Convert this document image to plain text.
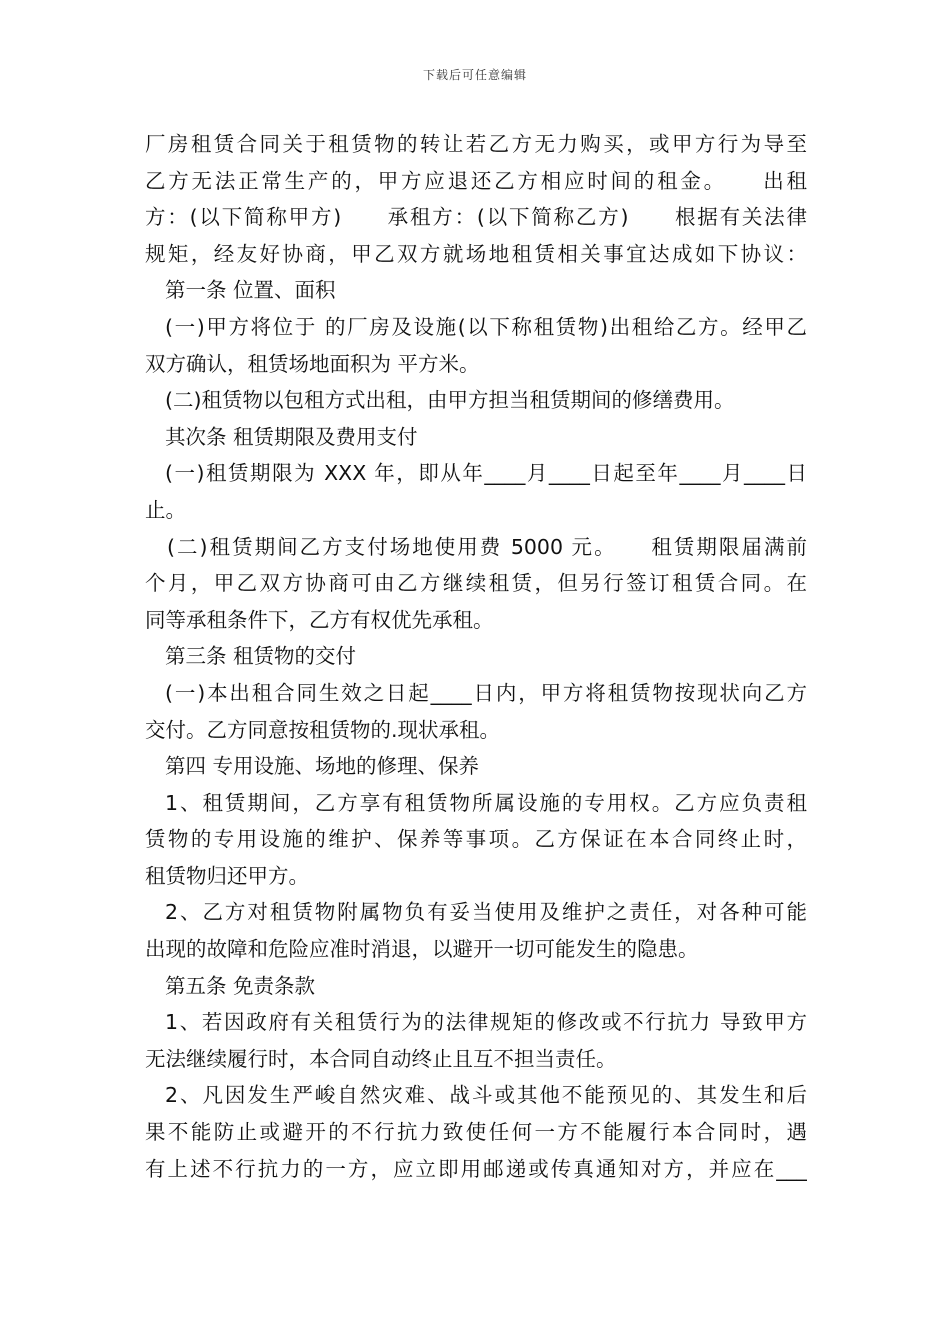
下载后可任意编辑
厂房租赁合同关于租赁物的转让若乙方无力购买，或甲方行为导至
乙方无法正常生产的，甲方应退还乙方相应时间的租金。　　出租
方：(以下简称甲方)　　承租方：(以下简称乙方)　　根据有关法律
规矩，经友好协商，甲乙双方就场地租赁相关事宜达成如下协议：
第一条 位置、面积
(一)甲方将位于 的厂房及设施(以下称租赁物)出租给乙方。经甲乙
双方确认，租赁场地面积为 平方米。
(二)租赁物以包租方式出租，由甲方担当租赁期间的修缮费用。
其次条 租赁期限及费用支付
(一)租赁期限为 XXX 年，即从年____月____日起至年____月____日
止。
(二)租赁期间乙方支付场地使用费 5000 元。　　租赁期限届满前
个月，甲乙双方协商可由乙方继续租赁，但另行签订租赁合同。在
同等承租条件下，乙方有权优先承租。
第三条 租赁物的交付
(一)本出租合同生效之日起____日内，甲方将租赁物按现状向乙方
交付。乙方同意按租赁物的.现状承租。
第四 专用设施、场地的修理、保养
1、租赁期间，乙方享有租赁物所属设施的专用权。乙方应负责租
赁物的专用设施的维护、保养等事项。乙方保证在本合同终止时，
租赁物归还甲方。
2、乙方对租赁物附属物负有妥当使用及维护之责任，对各种可能
出现的故障和危险应准时消退，以避开一切可能发生的隐患。
第五条 免责条款
1、若因政府有关租赁行为的法律规矩的修改或不行抗力 导致甲方
无法继续履行时，本合同自动终止且互不担当责任。
2、凡因发生严峻自然灾难、战斗或其他不能预见的、其发生和后
果不能防止或避开的不行抗力致使任何一方不能履行本合同时，遇
有上述不行抗力的一方，应立即用邮递或传真通知对方，并应在___
